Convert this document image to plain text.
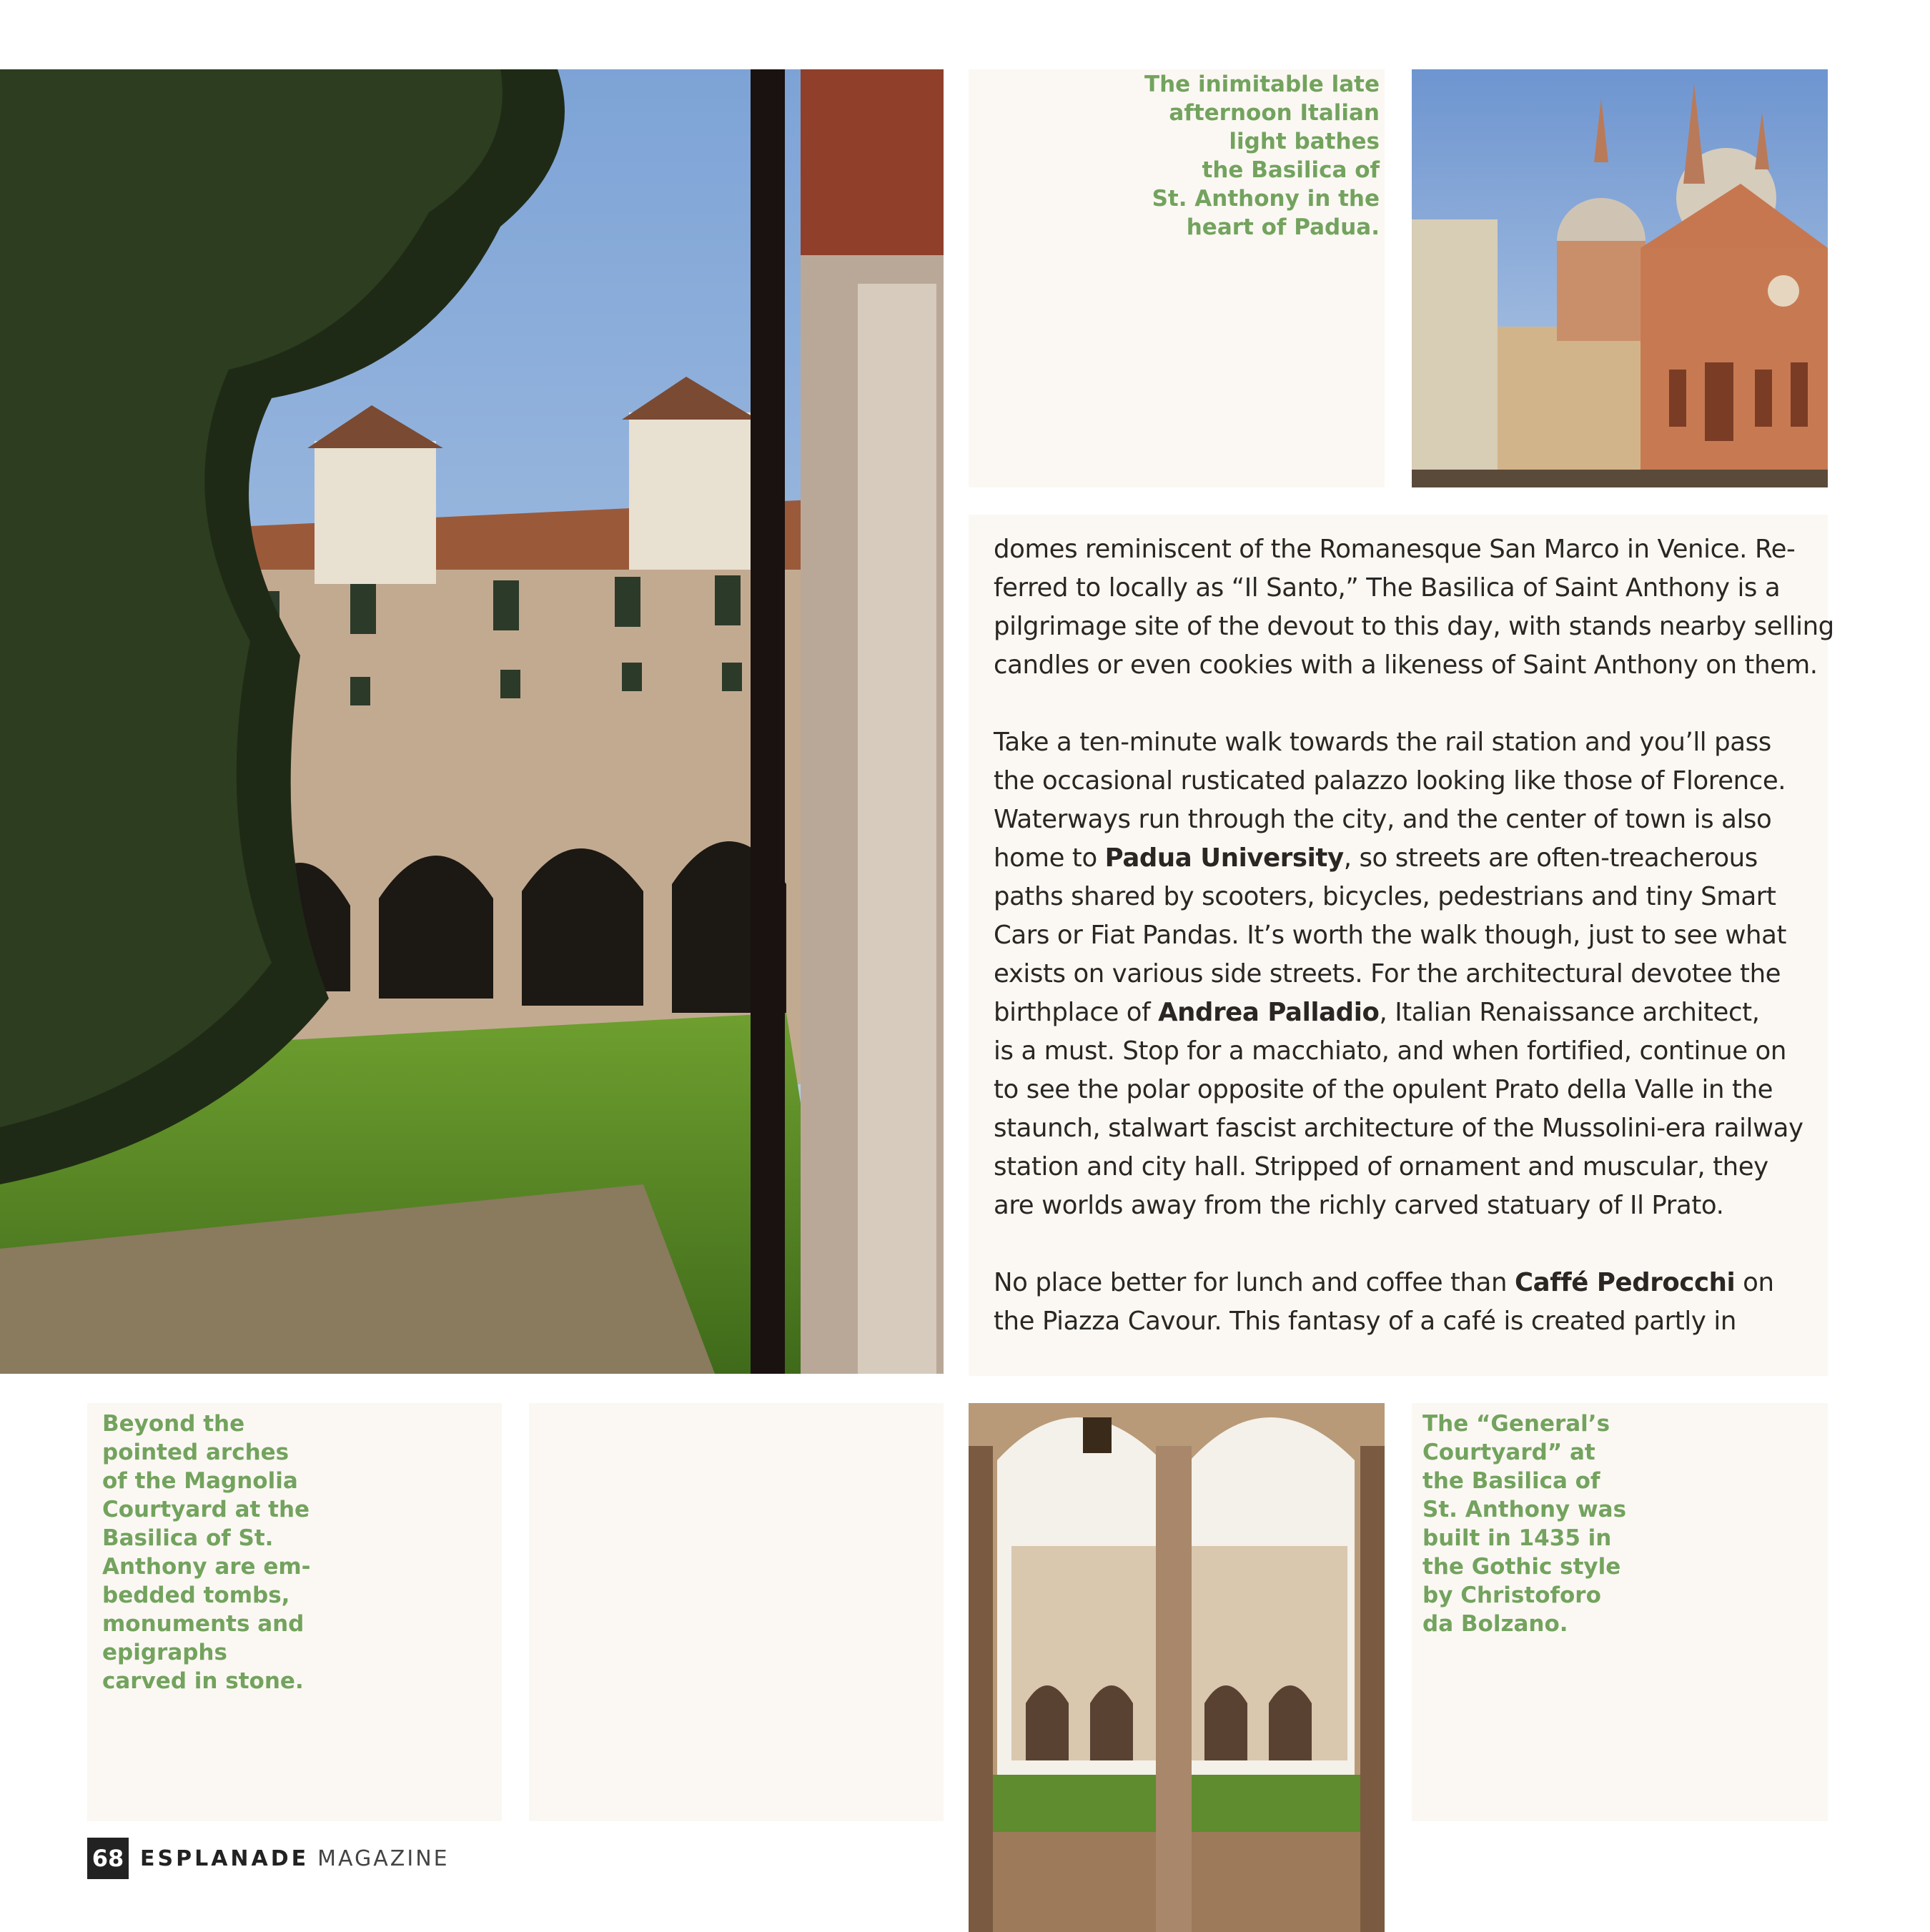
The inimitable late
afternoon Italian
light bathes
the Basilica of
St. Anthony in the
heart of Padua.
Beyond the
pointed arches
of the Magnolia
Courtyard at the
Basilica of St.
Anthony are em-
bedded tombs,
monuments and
epigraphs
carved in stone.
The “General’s
Courtyard” at
the Basilica of
St. Anthony was
built in 1435 in
the Gothic style
by Christoforo
da Bolzano.
domes reminiscent of the Romanesque San Marco in Venice. Re-
ferred to locally as “Il Santo,” The Basilica of Saint Anthony is a
pilgrimage site of the devout to this day, with stands nearby selling
candles or even cookies with a likeness of Saint Anthony on them.
Take a ten-minute walk towards the rail station and you’ll pass
the occasional rusticated palazzo looking like those of Florence.
Waterways run through the city, and the center of town is also
home to Padua University, so streets are often-treacherous
paths shared by scooters, bicycles, pedestrians and tiny Smart
Cars or Fiat Pandas. It’s worth the walk though, just to see what
exists on various side streets. For the architectural devotee the
birthplace of Andrea Palladio, Italian Renaissance architect,
is a must. Stop for a macchiato, and when fortified, continue on
to see the polar opposite of the opulent Prato della Valle in the
staunch, stalwart fascist architecture of the Mussolini-era railway
station and city hall. Stripped of ornament and muscular, they
are worlds away from the richly carved statuary of Il Prato.
No place better for lunch and coffee than Caffé Pedrocchi on
the Piazza Cavour. This fantasy of a café is created partly in
68 ESPLANADE MAGAZINE
